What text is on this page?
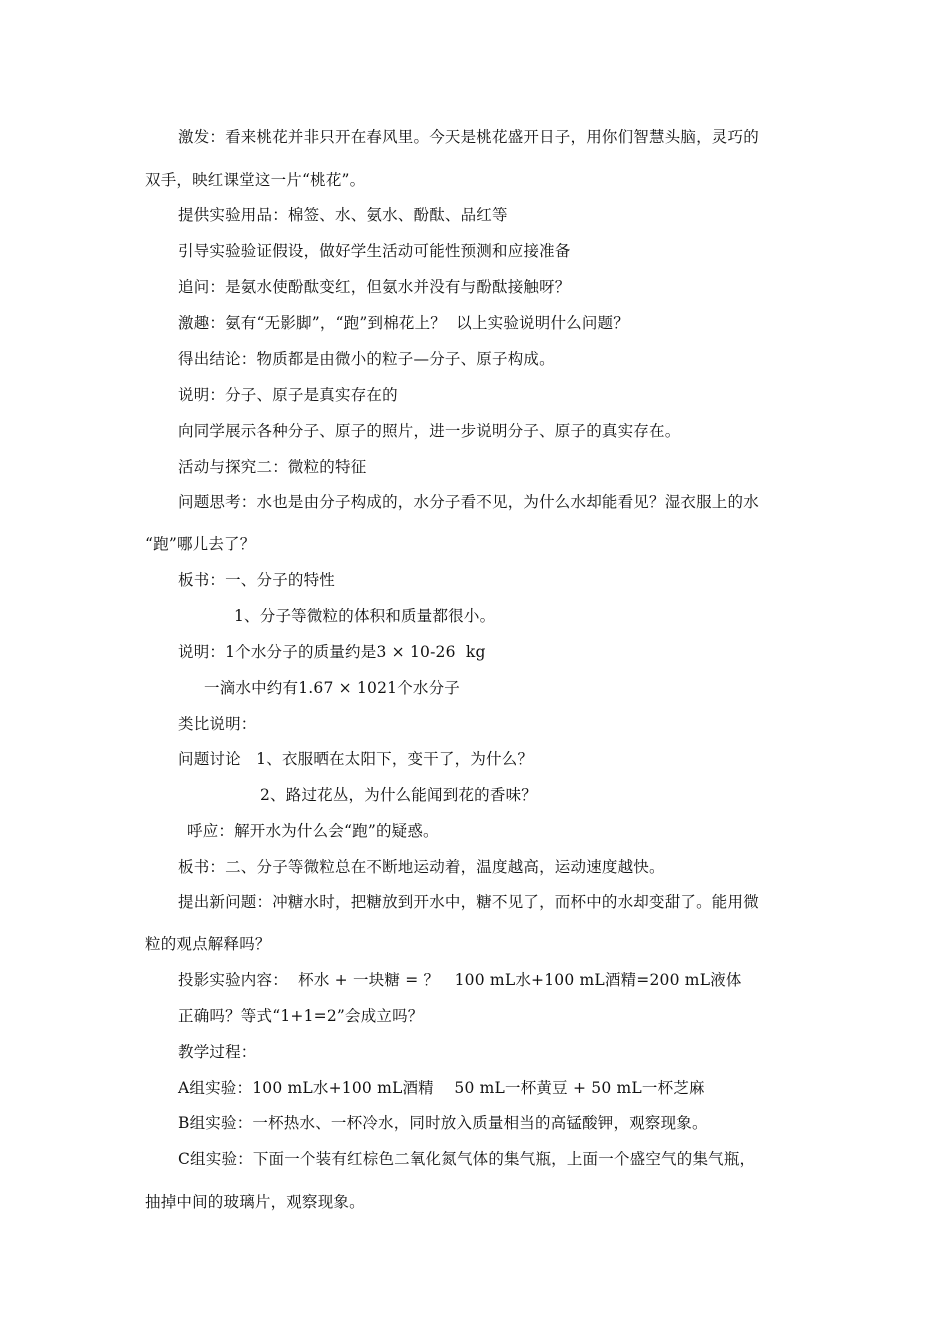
激发：看来桃花并非只开在春风里。今天是桃花盛开日子，用你们智慧头脑，灵巧的
双手，映红课堂这一片“桃花”。
提供实验用品：棉签、水、氨水、酚酞、品红等
引导实验验证假设，做好学生活动可能性预测和应接准备
追问：是氨水使酚酞变红，但氨水并没有与酚酞接触呀？
激趣：氨有“无影脚”，“跑”到棉花上？  以上实验说明什么问题？
得出结论：物质都是由微小的粒子—分子、原子构成。
说明：分子、原子是真实存在的
向同学展示各种分子、原子的照片，进一步说明分子、原子的真实存在。
活动与探究二：微粒的特征
问题思考：水也是由分子构成的，水分子看不见，为什么水却能看见？湿衣服上的水
“跑”哪儿去了？
板书：一、分子的特性
1、分子等微粒的体积和质量都很小。
说明：1个水分子的质量约是3 × 10-26  kg
一滴水中约有1.67 × 1021个水分子
类比说明：
问题讨论   1、衣服晒在太阳下，变干了，为什么？
2、路过花丛，为什么能闻到花的香味？
呼应：解开水为什么会“跑”的疑惑。
板书：二、分子等微粒总在不断地运动着，温度越高，运动速度越快。
提出新问题：冲糖水时，把糖放到开水中，糖不见了，而杯中的水却变甜了。能用微
粒的观点解释吗？
投影实验内容：  杯水 + 一块糖 = ？   100 mL水+100 mL酒精=200 mL液体
正确吗？等式“1+1=2”会成立吗？
教学过程：
A组实验：100 mL水+100 mL酒精    50 mL一杯黄豆 + 50 mL一杯芝麻
B组实验：一杯热水、一杯冷水，同时放入质量相当的高锰酸钾，观察现象。
C组实验：下面一个装有红棕色二氧化氮气体的集气瓶，上面一个盛空气的集气瓶，
抽掉中间的玻璃片，观察现象。
